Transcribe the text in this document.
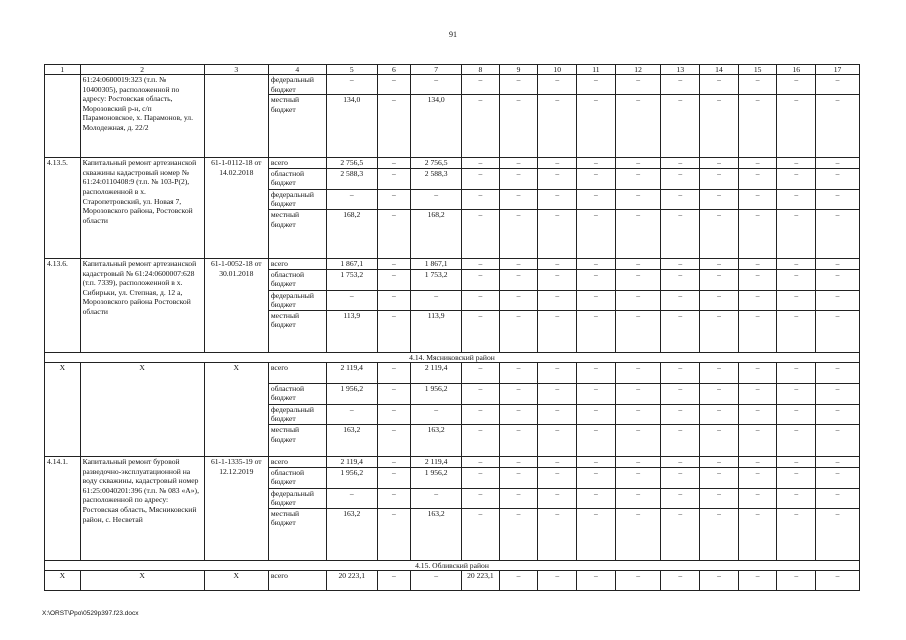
91
1	2	3	4	5	6	7	8	9	10	11	12	13	14	15	16	17
	61:24:0600019:323 (т.п. № 10400305), расположенной по адресу: Ростовская область, Морозовский р-н, с/п Парамоновское, х. Парамонов, ул. Молодежная, д. 22/2		федеральный бюджет	–	–	–	–	–	–	–	–	–	–	–	–	–
			местный бюджет	134,0	–	134,0	–	–	–	–	–	–	–	–	–	–
4.13.5.	Капитальный ремонт артезианской скважины кадастровый номер № 61:24:0110408:9 (т.п. № 103-Р(2), расположенной в х. Старопетровский, ул. Новая 7, Морозовского района, Ростовской области	61-1-0112-18 от 14.02.2018	всего	2 756,5	–	2 756,5	–	–	–	–	–	–	–	–	–	–
			областной бюджет	2 588,3	–	2 588,3	–	–	–	–	–	–	–	–	–	–
			федеральный бюджет	–	–	–	–	–	–	–	–	–	–	–	–	–
			местный бюджет	168,2	–	168,2	–	–	–	–	–	–	–	–	–	–
4.13.6.	Капитальный ремонт артезианской кадастровый № 61:24:0600007:628 (т.п. 7339), расположенной в х. Сибирьки, ул. Степная, д. 12 а, Морозовского района Ростовской области	61-1-0052-18 от 30.01.2018	всего	1 867,1	–	1 867,1	–	–	–	–	–	–	–	–	–	–
			областной бюджет	1 753,2	–	1 753,2	–	–	–	–	–	–	–	–	–	–
			федеральный бюджет	–	–	–	–	–	–	–	–	–	–	–	–	–
			местный бюджет	113,9	–	113,9	–	–	–	–	–	–	–	–	–	–
4.14. Мясниковский район																
Х	Х	Х	всего	2 119,4	–	2 119,4	–	–	–	–	–	–	–	–	–	–
			областной бюджет	1 956,2	–	1 956,2	–	–	–	–	–	–	–	–	–	–
			федеральный бюджет	–	–	–	–	–	–	–	–	–	–	–	–	–
			местный бюджет	163,2	–	163,2	–	–	–	–	–	–	–	–	–	–
4.14.1.	Капитальный ремонт буровой разведочно-эксплуатационной на воду скважины, кадастровый номер 61:25:0040201:396 (т.п. № 083 «А»), расположенной по адресу: Ростовская область, Мясниковский район, с. Несветай	61-1-1335-19 от 12.12.2019	всего	2 119,4	–	2 119,4	–	–	–	–	–	–	–	–	–	–
			областной бюджет	1 956,2	–	1 956,2	–	–	–	–	–	–	–	–	–	–
			федеральный бюджет	–	–	–	–	–	–	–	–	–	–	–	–	–
			местный бюджет	163,2	–	163,2	–	–	–	–	–	–	–	–	–	–
4.15. Обливский район																
Х	Х	Х	всего	20 223,1	–	–	20 223,1	–	–	–	–	–	–	–	–	–
X:\ORST\Ppo\0529p397.f23.docx
